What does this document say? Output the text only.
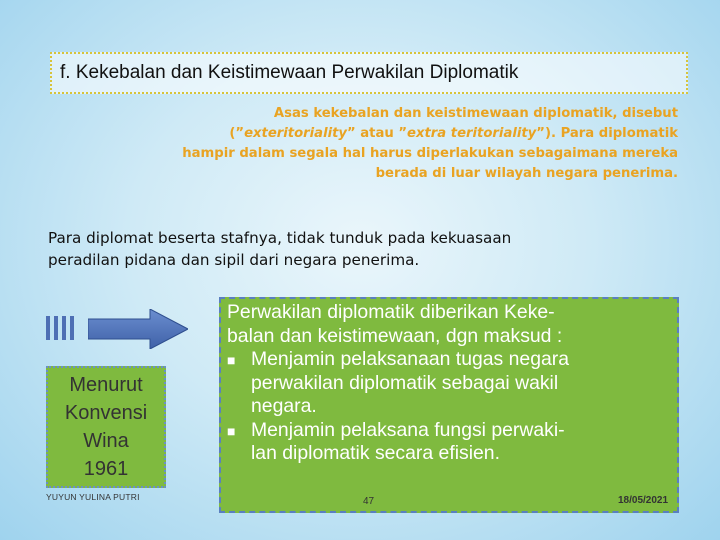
f. Kekebalan dan Keistimewaan Perwakilan Diplomatik
Asas kekebalan dan keistimewaan diplomatik, disebut
(”exteritoriality” atau ”extra teritoriality”). Para diplomatik
hampir dalam segala hal harus diperlakukan sebagaimana mereka
berada di luar wilayah negara penerima.
Para diplomat beserta stafnya, tidak tunduk pada kekuasaan
peradilan pidana dan sipil dari negara penerima.
Menurut
Konvensi
Wina
1961
YUYUN YULINA PUTRI
Perwakilan diplomatik diberikan Keke-
balan dan keistimewaan, dgn maksud :
■ Menjamin pelaksanaan tugas negara
perwakilan diplomatik sebagai wakil
negara.
■ Menjamin pelaksana fungsi perwaki-
lan diplomatik secara efisien.
47	18/05/2021
